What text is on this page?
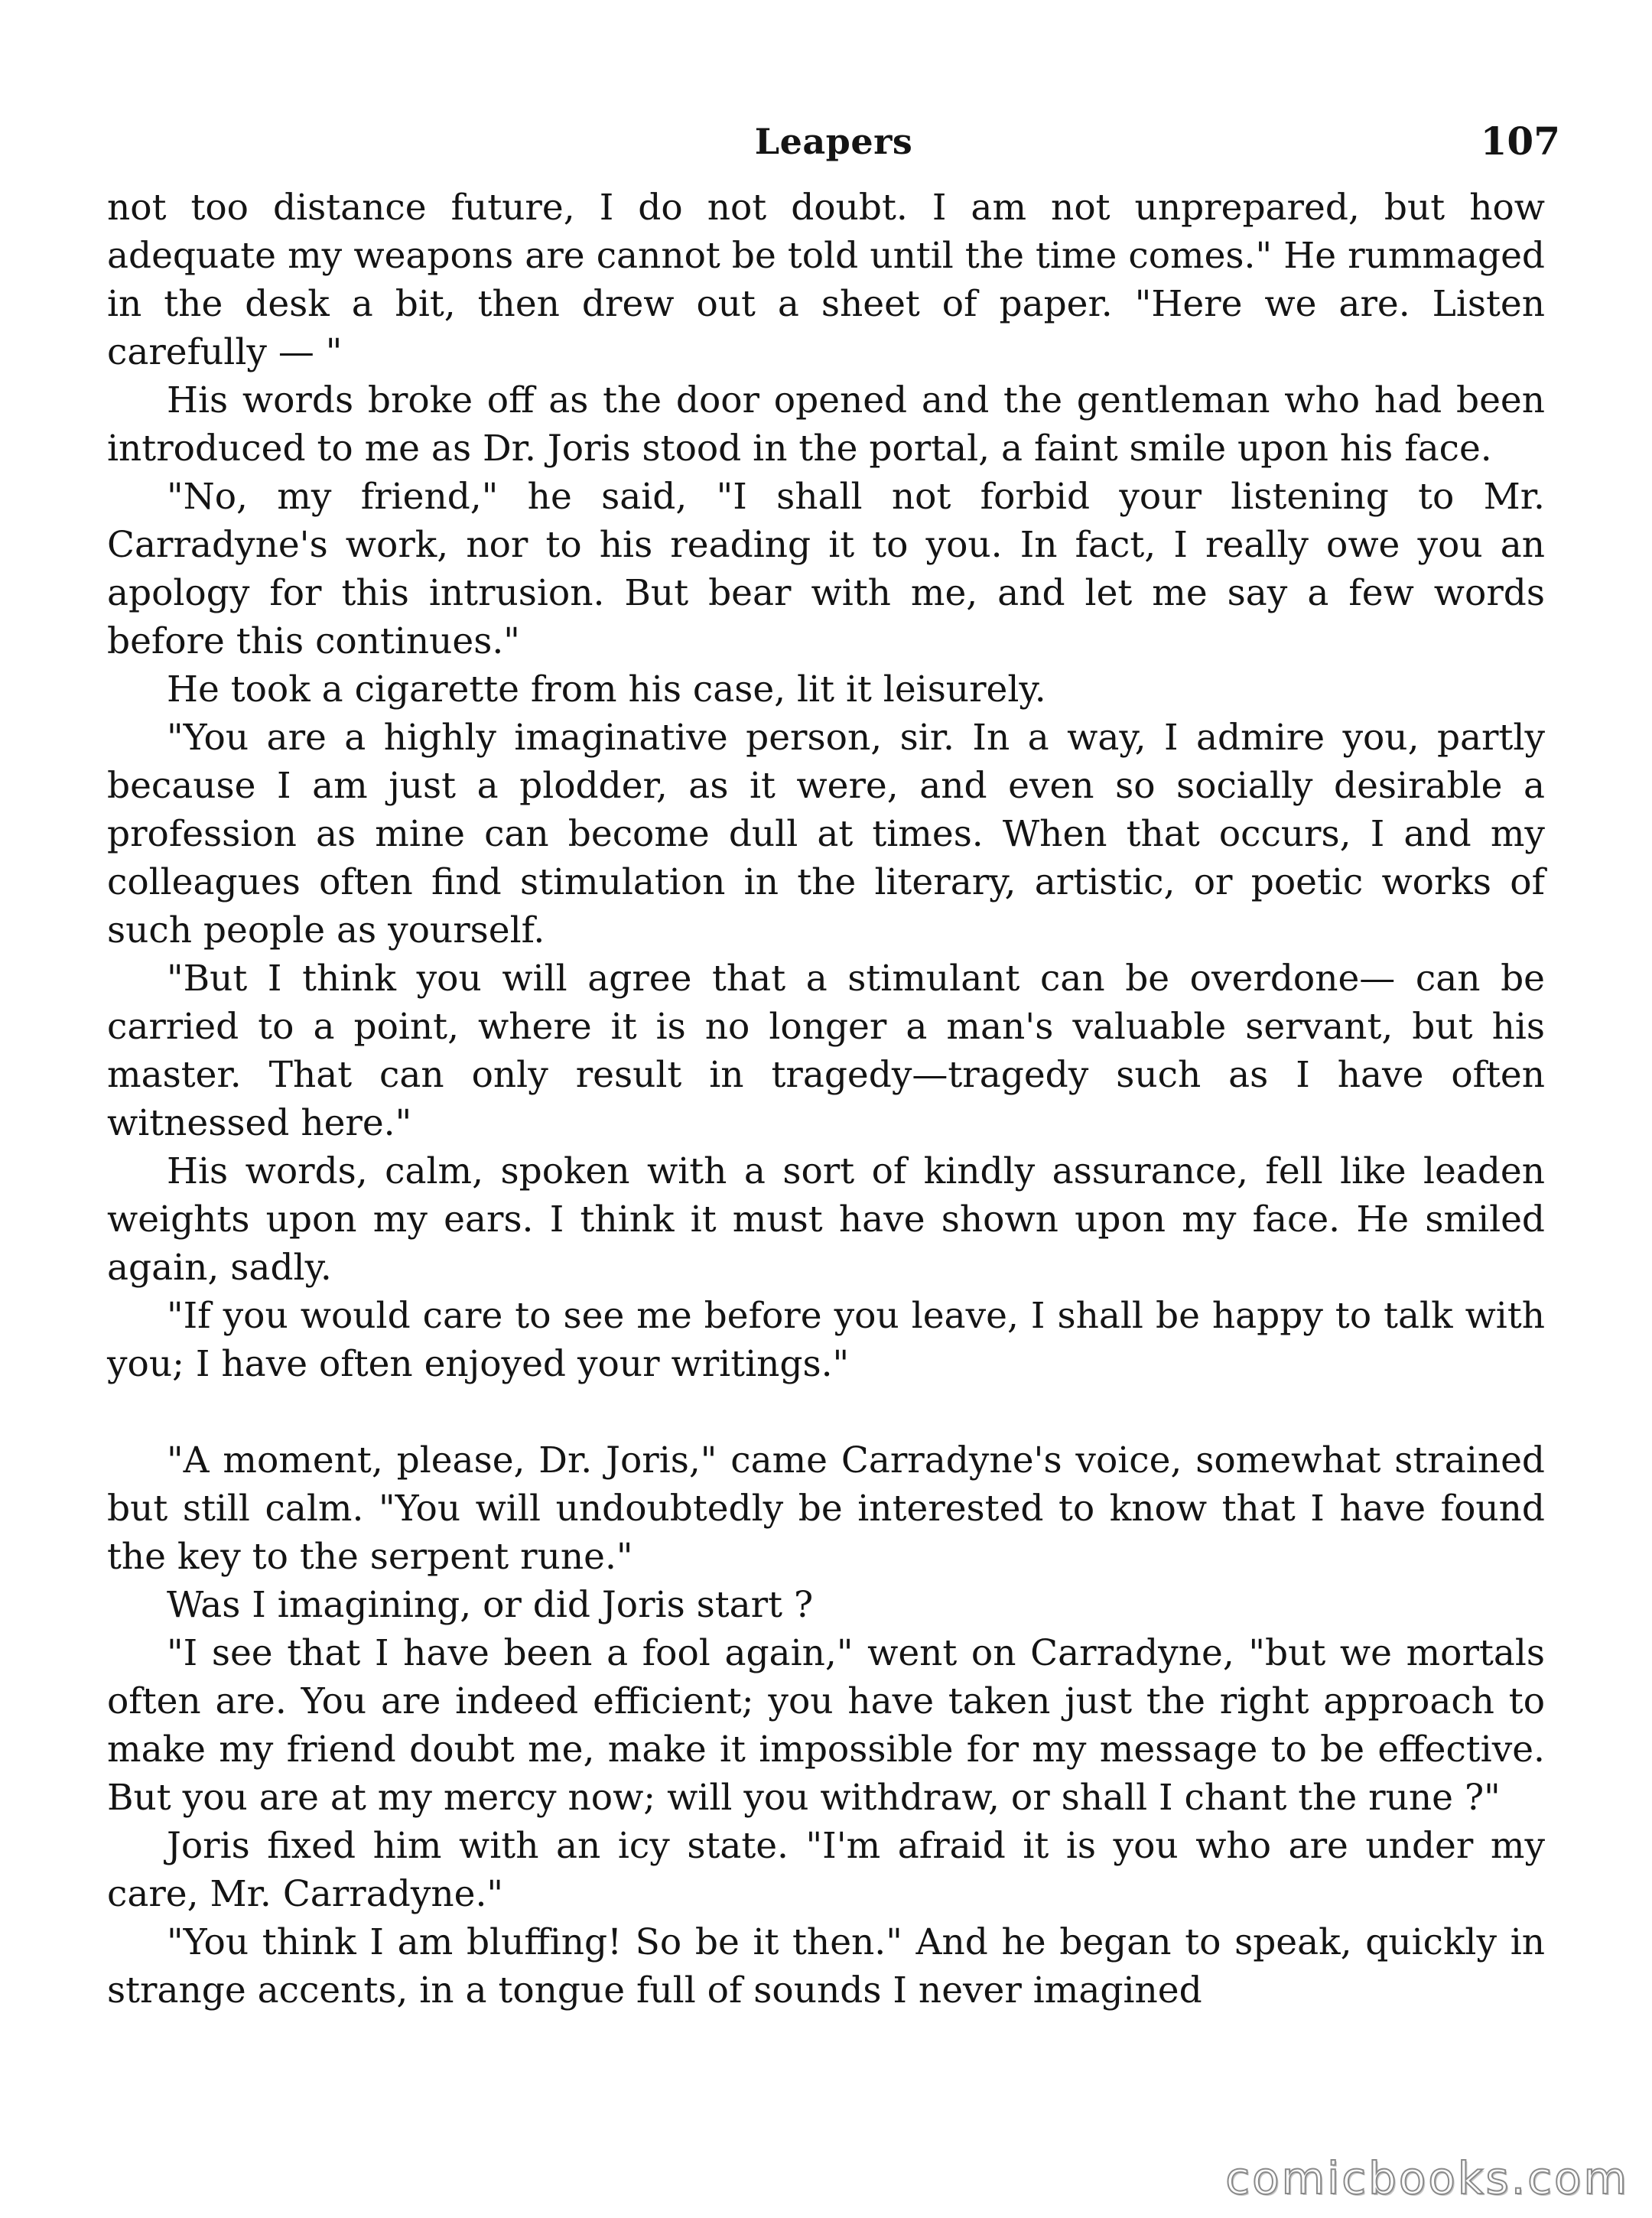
Leapers	107

not too distance future, I do not doubt. I am not unprepared, but how adequate my weapons are cannot be told until the time comes." He rummaged in the desk a bit, then drew out a sheet of paper. "Here we are. Listen carefully — "

His words broke off as the door opened and the gentleman who had been introduced to me as Dr. Joris stood in the portal, a faint smile upon his face.

"No, my friend," he said, "I shall not forbid your listening to Mr. Carradyne's work, nor to his reading it to you. In fact, I really owe you an apology for this intrusion. But bear with me, and let me say a few words before this continues."

He took a cigarette from his case, lit it leisurely.

"You are a highly imaginative person, sir. In a way, I admire you, partly because I am just a plodder, as it were, and even so socially desirable a profession as mine can become dull at times. When that occurs, I and my colleagues often find stimulation in the literary, artistic, or poetic works of such people as yourself.

"But I think you will agree that a stimulant can be overdone— can be carried to a point, where it is no longer a man's valuable servant, but his master. That can only result in tragedy—tragedy such as I have often witnessed here."

His words, calm, spoken with a sort of kindly assurance, fell like leaden weights upon my ears. I think it must have shown upon my face. He smiled again, sadly.

"If you would care to see me before you leave, I shall be happy to talk with you; I have often enjoyed your writings."

"A moment, please, Dr. Joris," came Carradyne's voice, somewhat strained but still calm. "You will undoubtedly be interested to know that I have found the key to the serpent rune."

Was I imagining, or did Joris start ?

"I see that I have been a fool again," went on Carradyne, "but we mortals often are. You are indeed efficient; you have taken just the right approach to make my friend doubt me, make it impossible for my message to be effective. But you are at my mercy now; will you withdraw, or shall I chant the rune ?"

Joris fixed him with an icy state. "I'm afraid it is you who are under my care, Mr. Carradyne."

"You think I am bluffing! So be it then." And he began to speak, quickly in strange accents, in a tongue full of sounds I never imagined

comicbooks.com
